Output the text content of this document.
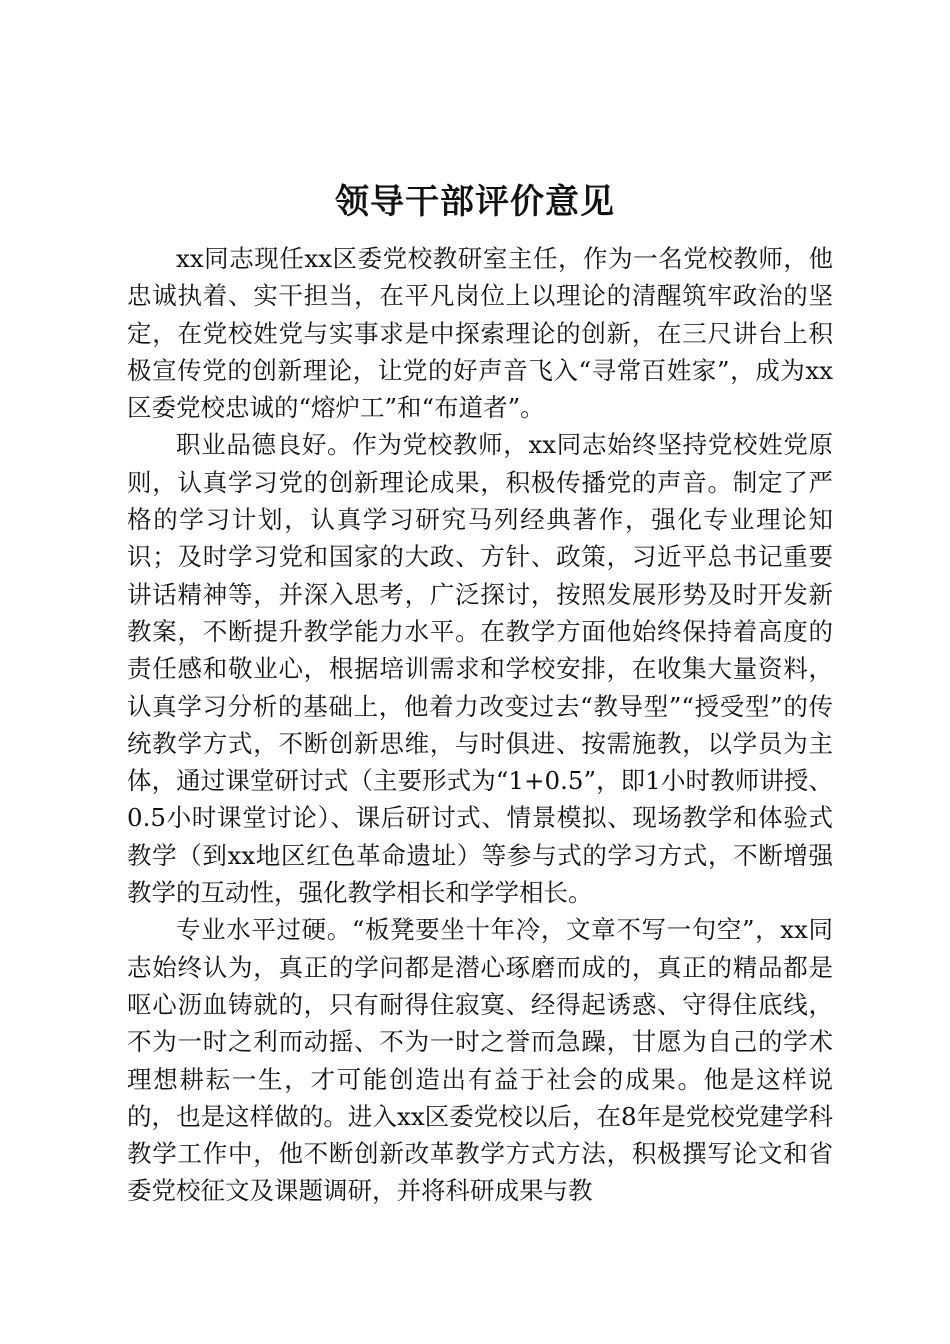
领导干部评价意见

xx同志现任xx区委党校教研室主任，作为一名党校教师，他忠诚执着、实干担当，在平凡岗位上以理论的清醒筑牢政治的坚定，在党校姓党与实事求是中探索理论的创新，在三尺讲台上积极宣传党的创新理论，让党的好声音飞入“寻常百姓家”，成为xx区委党校忠诚的“熔炉工”和“布道者”。

职业品德良好。作为党校教师，xx同志始终坚持党校姓党原则，认真学习党的创新理论成果，积极传播党的声音。制定了严格的学习计划，认真学习研究马列经典著作，强化专业理论知识；及时学习党和国家的大政、方针、政策，习近平总书记重要讲话精神等，并深入思考，广泛探讨，按照发展形势及时开发新教案，不断提升教学能力水平。在教学方面他始终保持着高度的责任感和敬业心，根据培训需求和学校安排，在收集大量资料，认真学习分析的基础上，他着力改变过去“教导型”“授受型”的传统教学方式，不断创新思维，与时俱进、按需施教，以学员为主体，通过课堂研讨式（主要形式为“1+0.5”，即1小时教师讲授、0.5小时课堂讨论）、课后研讨式、情景模拟、现场教学和体验式教学（到xx地区红色革命遗址）等参与式的学习方式，不断增强教学的互动性，强化教学相长和学学相长。

专业水平过硬。“板凳要坐十年冷，文章不写一句空”，xx同志始终认为，真正的学问都是潜心琢磨而成的，真正的精品都是呕心沥血铸就的，只有耐得住寂寞、经得起诱惑、守得住底线，不为一时之利而动摇、不为一时之誉而急躁，甘愿为自己的学术理想耕耘一生，才可能创造出有益于社会的成果。他是这样说的，也是这样做的。进入xx区委党校以后，在8年是党校党建学科教学工作中，他不断创新改革教学方式方法，积极撰写论文和省委党校征文及课题调研，并将科研成果与教
